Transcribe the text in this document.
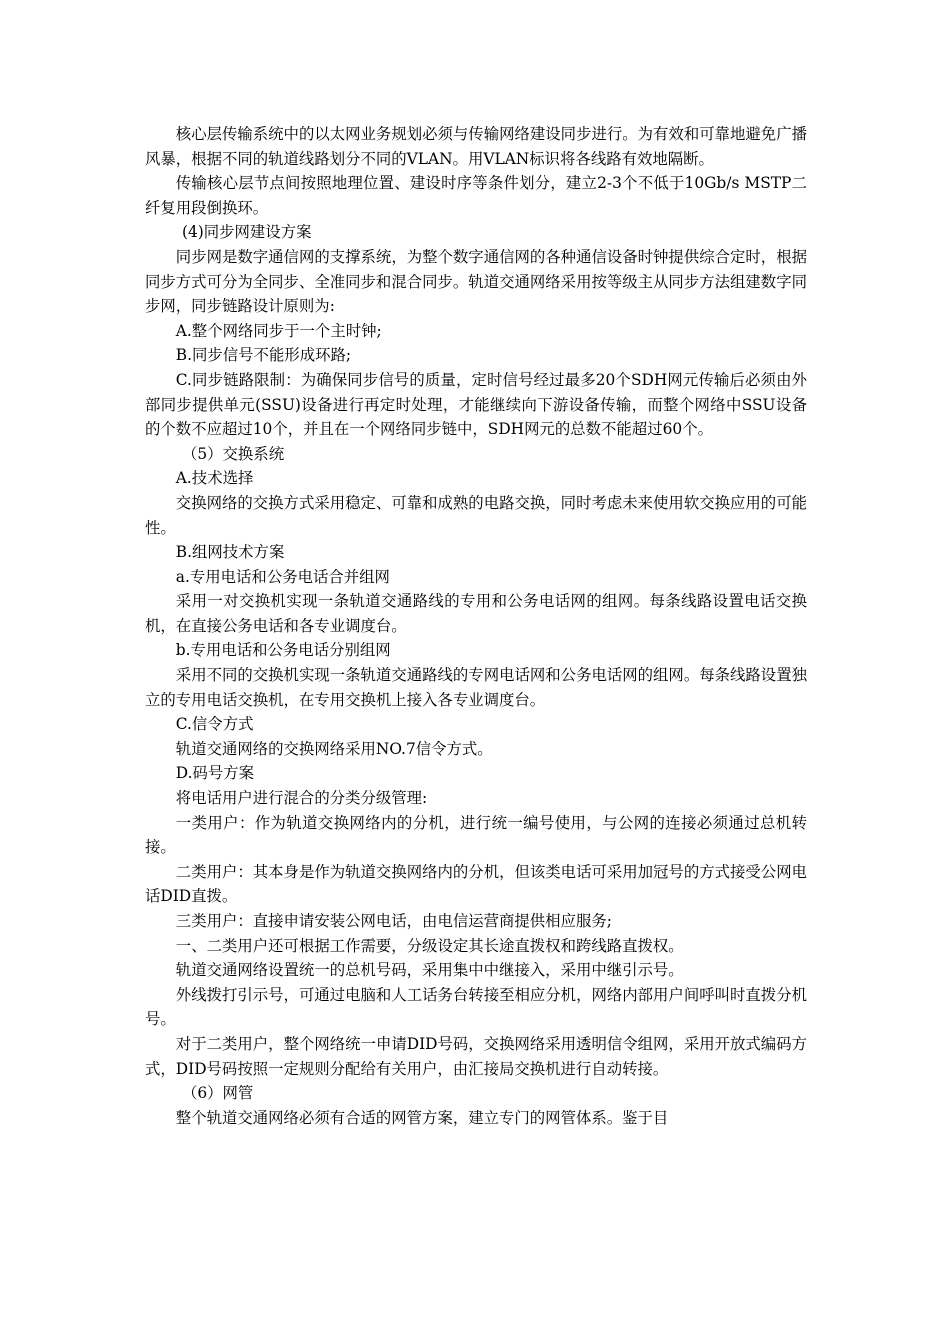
核心层传输系统中的以太网业务规划必须与传输网络建设同步进行。为有效和可靠地避免广播风暴，根据不同的轨道线路划分不同的VLAN。用VLAN标识将各线路有效地隔断。

传输核心层节点间按照地理位置、建设时序等条件划分，建立2-3个不低于10Gb/s MSTP二纤复用段倒换环。

(4)同步网建设方案

同步网是数字通信网的支撑系统，为整个数字通信网的各种通信设备时钟提供综合定时，根据同步方式可分为全同步、全准同步和混合同步。轨道交通网络采用按等级主从同步方法组建数字同步网，同步链路设计原则为:

A.整个网络同步于一个主时钟;

B.同步信号不能形成环路;

C.同步链路限制：为确保同步信号的质量，定时信号经过最多20个SDH网元传输后必须由外部同步提供单元(SSU)设备进行再定时处理，才能继续向下游设备传输，而整个网络中SSU设备的个数不应超过10个，并且在一个网络同步链中，SDH网元的总数不能超过60个。

（5）交换系统

A.技术选择

交换网络的交换方式采用稳定、可靠和成熟的电路交换，同时考虑未来使用软交换应用的可能性。

B.组网技术方案

a.专用电话和公务电话合并组网

采用一对交换机实现一条轨道交通路线的专用和公务电话网的组网。每条线路设置电话交换机，在直接公务电话和各专业调度台。

b.专用电话和公务电话分别组网

采用不同的交换机实现一条轨道交通路线的专网电话网和公务电话网的组网。每条线路设置独立的专用电话交换机，在专用交换机上接入各专业调度台。

C.信令方式

轨道交通网络的交换网络采用NO.7信令方式。

D.码号方案

将电话用户进行混合的分类分级管理:

一类用户：作为轨道交换网络内的分机，进行统一编号使用，与公网的连接必须通过总机转接。

二类用户：其本身是作为轨道交换网络内的分机，但该类电话可采用加冠号的方式接受公网电话DID直拨。

三类用户：直接申请安装公网电话，由电信运营商提供相应服务;

一、二类用户还可根据工作需要，分级设定其长途直拨权和跨线路直拨权。

轨道交通网络设置统一的总机号码，采用集中中继接入，采用中继引示号。

外线拨打引示号，可通过电脑和人工话务台转接至相应分机，网络内部用户间呼叫时直拨分机号。

对于二类用户，整个网络统一申请DID号码，交换网络采用透明信令组网，采用开放式编码方式，DID号码按照一定规则分配给有关用户，由汇接局交换机进行自动转接。

（6）网管

整个轨道交通网络必须有合适的网管方案，建立专门的网管体系。鉴于目
